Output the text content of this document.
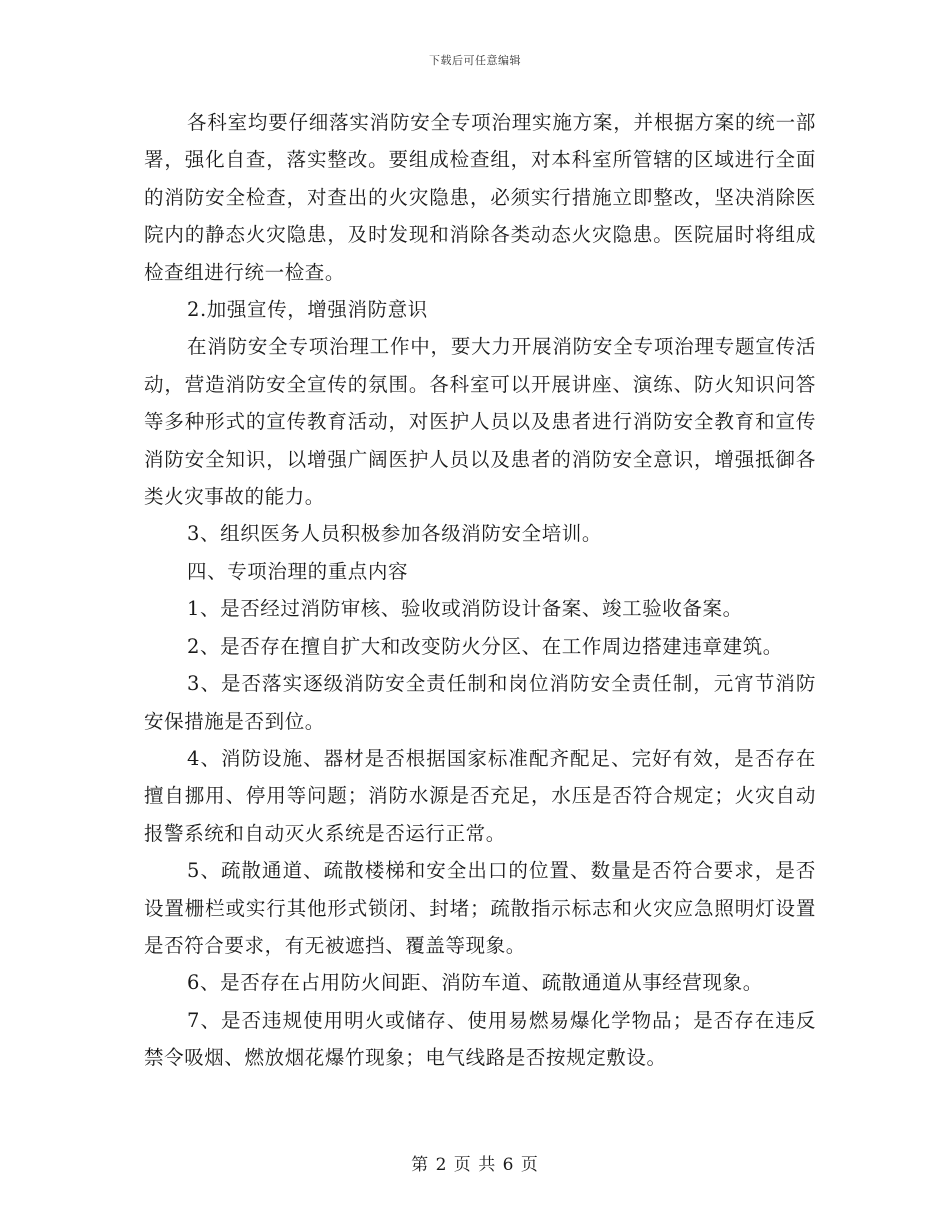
下载后可任意编辑

各科室均要仔细落实消防安全专项治理实施方案，并根据方案的统一部署，强化自查，落实整改。要组成检查组，对本科室所管辖的区域进行全面的消防安全检查，对查出的火灾隐患，必须实行措施立即整改，坚决消除医院内的静态火灾隐患，及时发现和消除各类动态火灾隐患。医院届时将组成检查组进行统一检查。

2.加强宣传，增强消防意识

在消防安全专项治理工作中，要大力开展消防安全专项治理专题宣传活动，营造消防安全宣传的氛围。各科室可以开展讲座、演练、防火知识问答等多种形式的宣传教育活动，对医护人员以及患者进行消防安全教育和宣传消防安全知识，以增强广阔医护人员以及患者的消防安全意识，增强抵御各类火灾事故的能力。

3、组织医务人员积极参加各级消防安全培训。

四、专项治理的重点内容

1、是否经过消防审核、验收或消防设计备案、竣工验收备案。

2、是否存在擅自扩大和改变防火分区、在工作周边搭建违章建筑。

3、是否落实逐级消防安全责任制和岗位消防安全责任制，元宵节消防安保措施是否到位。

4、消防设施、器材是否根据国家标准配齐配足、完好有效，是否存在擅自挪用、停用等问题；消防水源是否充足，水压是否符合规定；火灾自动报警系统和自动灭火系统是否运行正常。

5、疏散通道、疏散楼梯和安全出口的位置、数量是否符合要求，是否设置栅栏或实行其他形式锁闭、封堵；疏散指示标志和火灾应急照明灯设置是否符合要求，有无被遮挡、覆盖等现象。

6、是否存在占用防火间距、消防车道、疏散通道从事经营现象。

7、是否违规使用明火或储存、使用易燃易爆化学物品；是否存在违反禁令吸烟、燃放烟花爆竹现象；电气线路是否按规定敷设。

第 2 页 共 6 页
